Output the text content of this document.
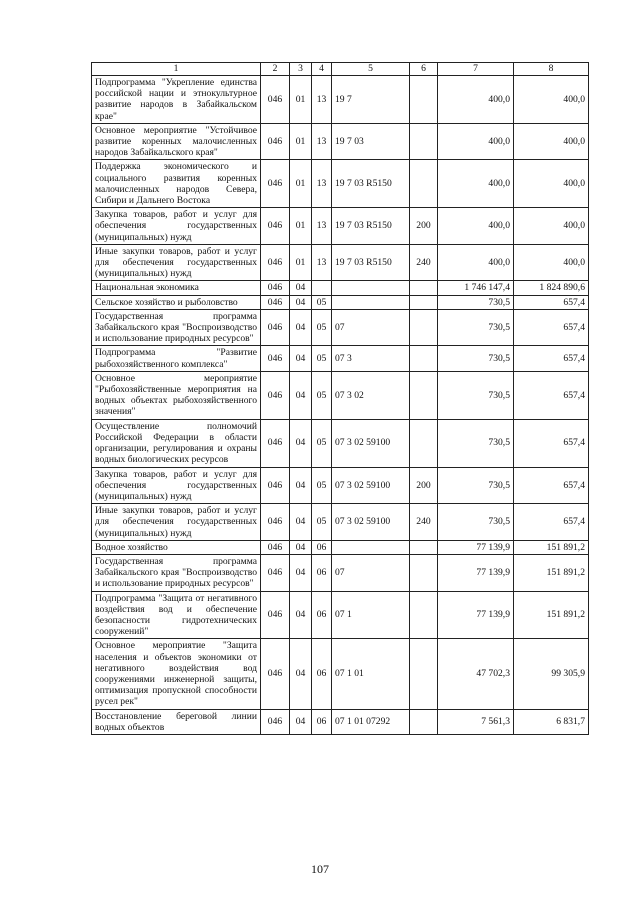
1	2	3	4	5	6	7	8
Подпрограмма "Укрепление единства российской нации и этнокультурное развитие народов в Забайкальском крае"	046	01	13	19 7		400,0	400,0
Основное мероприятие "Устойчивое развитие коренных малочисленных народов Забайкальского края"	046	01	13	19 7 03		400,0	400,0
Поддержка экономического и социального развития коренных малочисленных народов Севера, Сибири и Дальнего Востока	046	01	13	19 7 03 R5150		400,0	400,0
Закупка товаров, работ и услуг для обеспечения государственных (муниципальных) нужд	046	01	13	19 7 03 R5150	200	400,0	400,0
Иные закупки товаров, работ и услуг для обеспечения государственных (муниципальных) нужд	046	01	13	19 7 03 R5150	240	400,0	400,0
Национальная экономика	046	04				1 746 147,4	1 824 890,6
Сельское хозяйство и рыболовство	046	04	05			730,5	657,4
Государственная программа Забайкальского края "Воспроизводство и использование природных ресурсов"	046	04	05	07		730,5	657,4
Подпрограмма "Развитие рыбохозяйственного комплекса"	046	04	05	07 3		730,5	657,4
Основное мероприятие "Рыбохозяйственные мероприятия на водных объектах рыбохозяйственного значения"	046	04	05	07 3 02		730,5	657,4
Осуществление полномочий Российской Федерации в области организации, регулирования и охраны водных биологических ресурсов	046	04	05	07 3 02 59100		730,5	657,4
Закупка товаров, работ и услуг для обеспечения государственных (муниципальных) нужд	046	04	05	07 3 02 59100	200	730,5	657,4
Иные закупки товаров, работ и услуг для обеспечения государственных (муниципальных) нужд	046	04	05	07 3 02 59100	240	730,5	657,4
Водное хозяйство	046	04	06			77 139,9	151 891,2
Государственная программа Забайкальского края "Воспроизводство и использование природных ресурсов"	046	04	06	07		77 139,9	151 891,2
Подпрограмма "Защита от негативного воздействия вод и обеспечение безопасности гидротехнических сооружений"	046	04	06	07 1		77 139,9	151 891,2
Основное мероприятие "Защита населения и объектов экономики от негативного воздействия вод сооружениями инженерной защиты, оптимизация пропускной способности русел рек"	046	04	06	07 1 01		47 702,3	99 305,9
Восстановление береговой линии водных объектов	046	04	06	07 1 01 07292		7 561,3	6 831,7
107
